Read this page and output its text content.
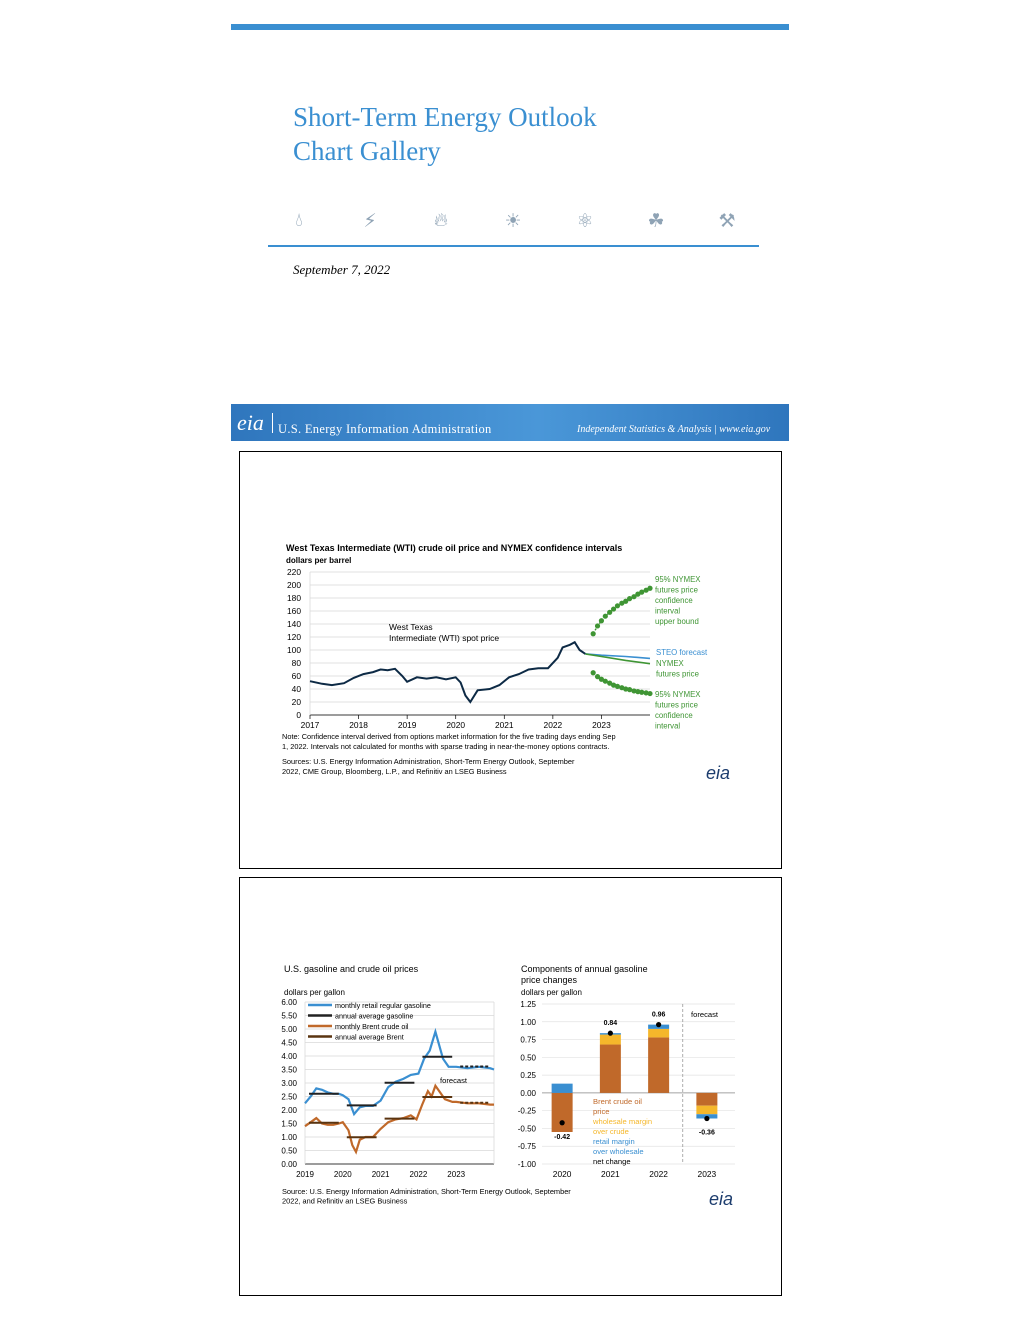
Short-Term Energy Outlook
Chart Gallery
💧︎	⚡︎	🔥︎	☀︎	⚛︎	☘︎	⚒︎
September 7, 2022
eia U.S. Energy Information Administration	Independent Statistics & Analysis | www.eia.gov
West Texas Intermediate (WTI) crude oil price and NYMEX confidence intervals
dollars per barrel
0
20
40
60
80
100
120
140
160
180
200
220
2017	2018	2019	2020	2021	2022	2023
West Texas Intermediate (WTI) spot price
95% NYMEX futures price confidence interval upper bound
STEO forecast
NYMEX futures price
95% NYMEX futures price confidence interval
Note: Confidence interval derived from options market information for the five trading days ending Sep 1, 2022. Intervals not calculated for months with sparse trading in near-the-money options contracts.
Sources: U.S. Energy Information Administration, Short-Term Energy Outlook, September 2022, CME Group, Bloomberg, L.P., and Refinitiv an LSEG Business	eia
U.S. gasoline and crude oil prices
dollars per gallon
0.00
0.50
1.00
1.50
2.00
2.50
3.00
3.50
4.00
4.50
5.00
5.50
6.00
2019	2020	2021	2022	2023
monthly retail regular gasoline
annual average gasoline
monthly Brent crude oil
annual average Brent
forecast
Components of annual gasoline price changes
dollars per gallon
-1.00
-0.75
-0.50
-0.25
0.00
0.25
0.50
0.75
1.00
1.25
2020	2021	2022	2023
-0.42
0.84
0.96
-0.36
forecast
Brent crude oil
price
wholesale margin
over crude
retail margin
over wholesale
net change
Source: U.S. Energy Information Administration, Short-Term Energy Outlook, September 2022, and Refinitiv an LSEG Business	eia
